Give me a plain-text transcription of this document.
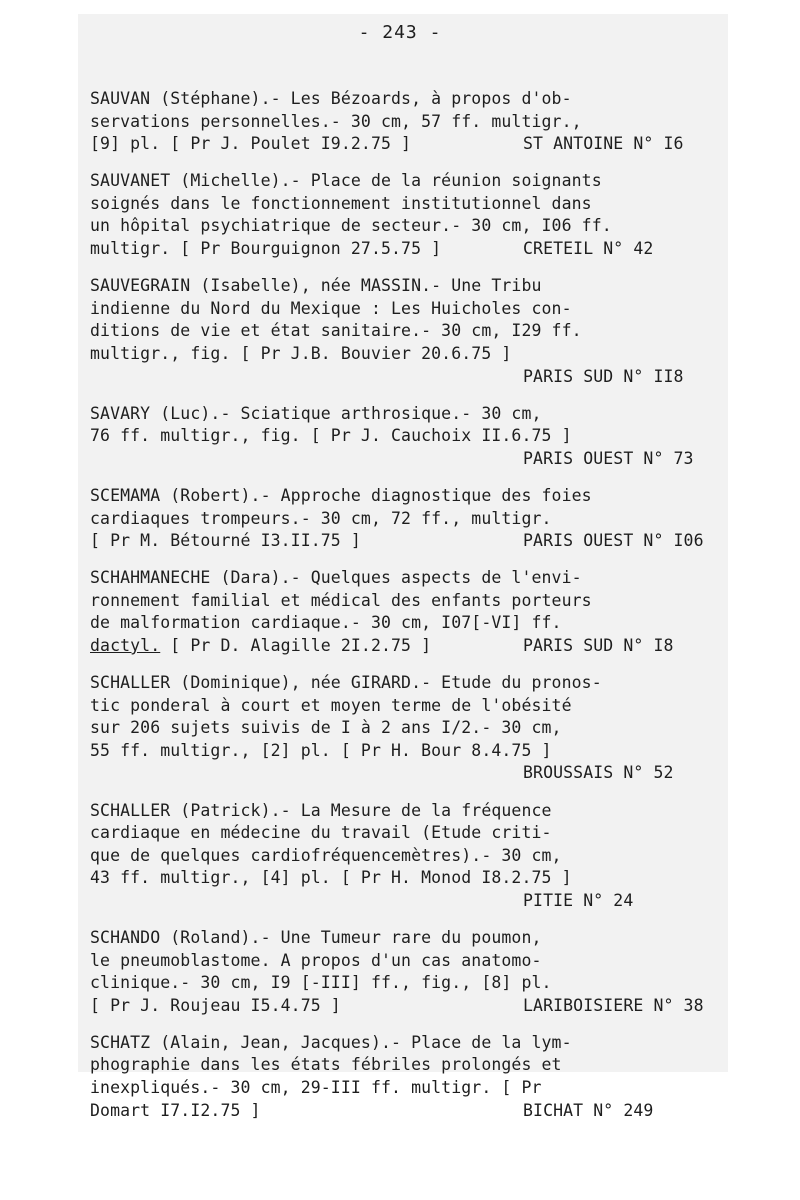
- 243 -
SAUVAN (Stéphane).- Les Bézoards, à propos d'ob-
servations personnelles.- 30 cm, 57 ff. multigr.,
[9] pl. [ Pr J. Poulet I9.2.75 ]	ST ANTOINE N° I6
SAUVANET (Michelle).- Place de la réunion soignants
soignés dans le fonctionnement institutionnel dans
un hôpital psychiatrique de secteur.- 30 cm, I06 ff.
multigr. [ Pr Bourguignon 27.5.75 ]	CRETEIL N° 42
SAUVEGRAIN (Isabelle), née MASSIN.- Une Tribu
indienne du Nord du Mexique : Les Huicholes con-
ditions de vie et état sanitaire.- 30 cm, I29 ff.
multigr., fig. [ Pr J.B. Bouvier 20.6.75 ]

PARIS SUD N° II8
SAVARY (Luc).- Sciatique arthrosique.- 30 cm,
76 ff. multigr., fig. [ Pr J. Cauchoix II.6.75 ]

PARIS OUEST N° 73
SCEMAMA (Robert).- Approche diagnostique des foies
cardiaques trompeurs.- 30 cm, 72 ff., multigr.
[ Pr M. Bétourné I3.II.75 ]	PARIS OUEST N° I06
SCHAHMANECHE (Dara).- Quelques aspects de l'envi-
ronnement familial et médical des enfants porteurs
de malformation cardiaque.- 30 cm, I07[-VI] ff.
dactyl. [ Pr D. Alagille 2I.2.75 ]	PARIS SUD N° I8
SCHALLER (Dominique), née GIRARD.- Etude du pronos-
tic ponderal à court et moyen terme de l'obésité
sur 206 sujets suivis de I à 2 ans I/2.- 30 cm,
55 ff. multigr., [2] pl. [ Pr H. Bour 8.4.75 ]

BROUSSAIS N° 52
SCHALLER (Patrick).- La Mesure de la fréquence
cardiaque en médecine du travail (Etude criti-
que de quelques cardiofréquencemètres).- 30 cm,
43 ff. multigr., [4] pl. [ Pr H. Monod I8.2.75 ]

PITIE N° 24
SCHANDO (Roland).- Une Tumeur rare du poumon,
le pneumoblastome. A propos d'un cas anatomo-
clinique.- 30 cm, I9 [-III] ff., fig., [8] pl.
[ Pr J. Roujeau I5.4.75 ]	LARIBOISIERE N° 38
SCHATZ (Alain, Jean, Jacques).- Place de la lym-
phographie dans les états fébriles prolongés et
inexpliqués.- 30 cm, 29-III ff. multigr. [ Pr
Domart I7.I2.75 ]	BICHAT N° 249
